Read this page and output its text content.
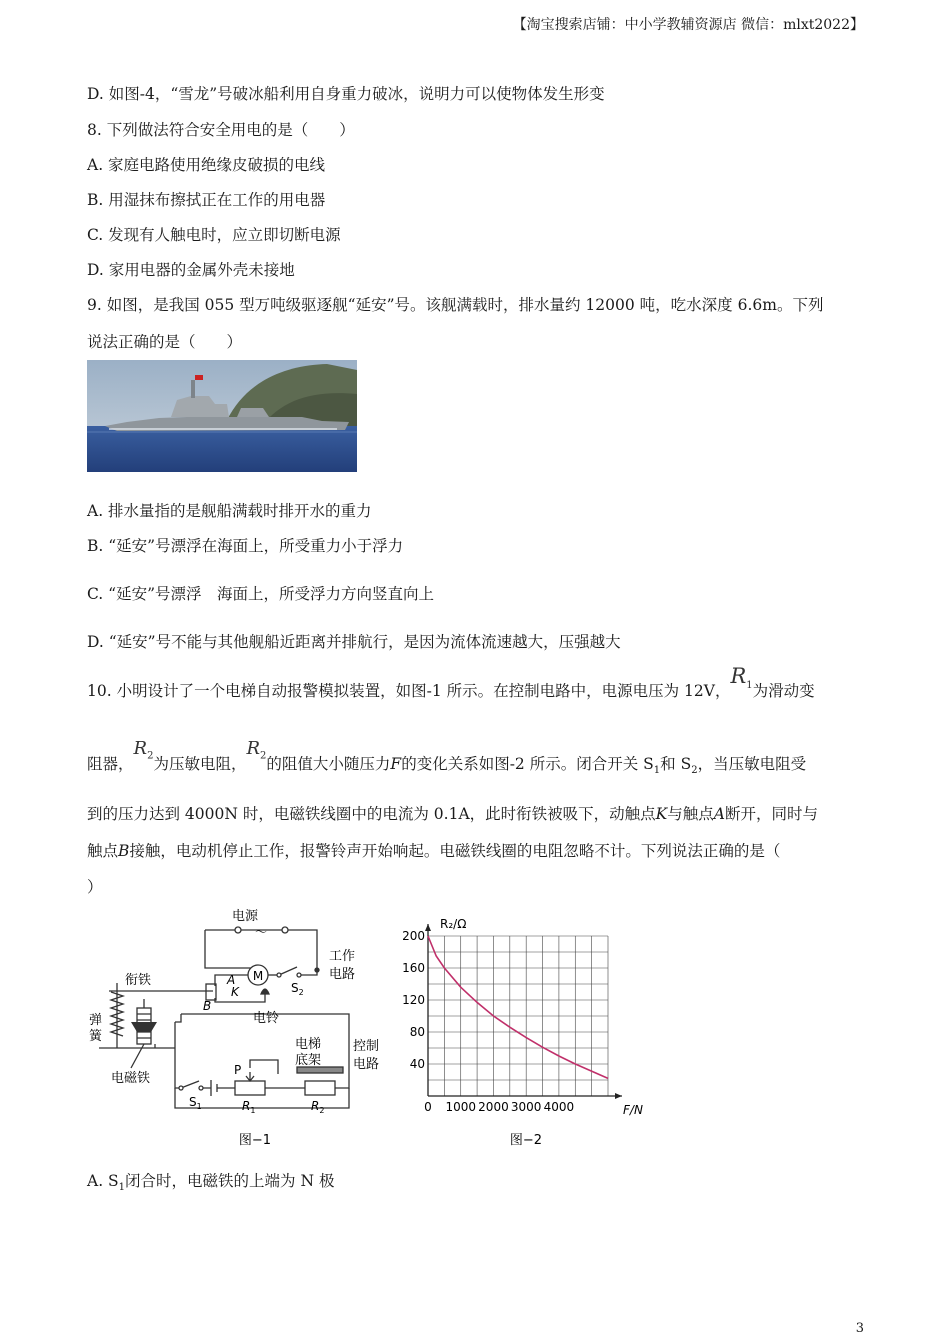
【淘宝搜索店铺：中小学教辅资源店 微信：mlxt2022】
D. 如图-4，“雪龙”号破冰船利用自身重力破冰，说明力可以使物体发生形变
8. 下列做法符合安全用电的是（　　）
A. 家庭电路使用绝缘皮破损的电线
B. 用湿抹布擦拭正在工作的用电器
C. 发现有人触电时，应立即切断电源
D. 家用电器的金属外壳未接地
9. 如图，是我国 055 型万吨级驱逐舰“延安”号。该舰满载时，排水量约 12000 吨，吃水深度 6.6m。下列
说法正确的是（　　）
A. 排水量指的是舰船满载时排开水的重力
B. “延安”号漂浮在海面上，所受重力小于浮力
C. “延安”号漂浮　海面上，所受浮力方向竖直向上
D. “延安”号不能与其他舰船近距离并排航行，是因为流体流速越大，压强越大
10. 小明设计了一个电梯自动报警模拟装置，如图-1 所示。在控制电路中，电源电压为 12V，$R_1$为滑动变
阻器，$R_2$为压敏电阻，$R_2$的阻值大小随压力F的变化关系如图-2 所示。闭合开关 $S_1$和 $S_2$，当压敏电阻受
到的压力达到 4000N 时，电磁铁线圈中的电流为 0.1A，此时衔铁被吸下，动触点K与触点A断开，同时与
触点B接触，电动机停止工作，报警铃声开始响起。电磁铁线圈的电阻忽略不计。下列说法正确的是（
）
电源
～
M
工作
电路
衔铁	A
K
B
$S_2$
弹
簧
电铃
电梯
底架
控制
电路
电磁铁
P
$S_1$	$R_1$	$R_2$
图−1
0 1000 2000 3000 4000
40
80
120
160
200
R₂/Ω
F/N
图−2
A. $S_1$闭合时，电磁铁的上端为 N 极
3
